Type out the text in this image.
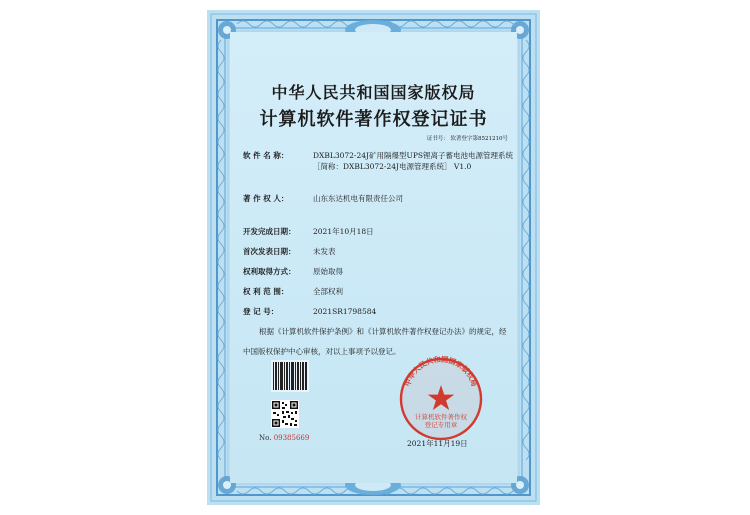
中华人民共和国国家版权局
计算机软件著作权登记证书
证书号： 软著登字第8521210号
软 件 名 称：	DXBL3072-24J矿用隔爆型UPS锂离子蓄电池电源管理系统［简称：DXBL3072-24J电源管理系统］ V1.0
著 作 权 人：	山东东达机电有限责任公司
开发完成日期：	2021年10月18日
首次发表日期：	未发表
权利取得方式：	原始取得
权 利 范 围：	全部权利
登 记 号：	2021SR1798584
根据《计算机软件保护条例》和《计算机软件著作权登记办法》的规定，经中国版权保护中心审核，对以上事项予以登记。
No. 09385669
中华人民共和国国家版权局
计算机软件著作权
登记专用章
2021年11月19日
